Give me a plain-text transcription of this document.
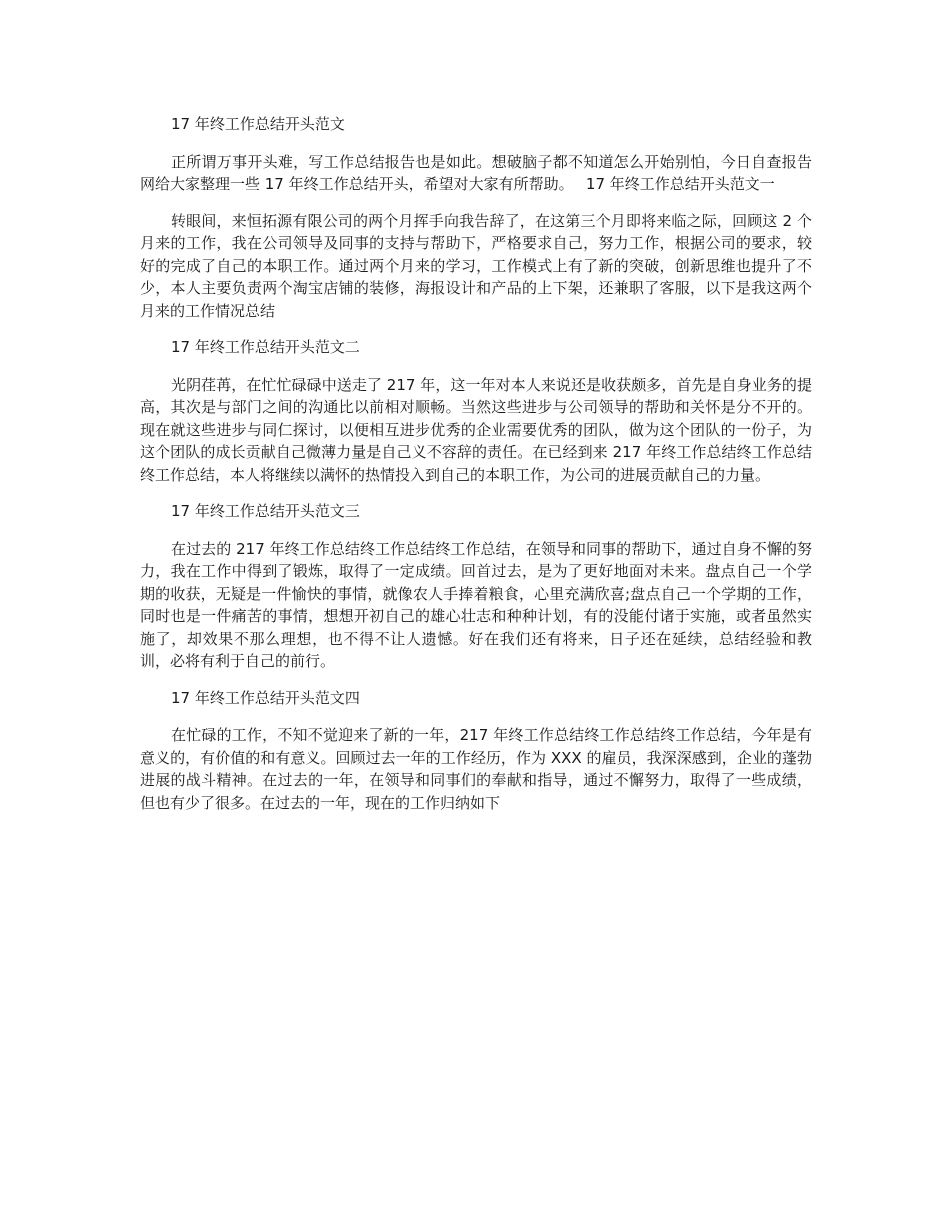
17 年终工作总结开头范文

正所谓万事开头难，写工作总结报告也是如此。想破脑子都不知道怎么开始别怕，今日自查报告网给大家整理一些 17 年终工作总结开头，希望对大家有所帮助。　 17 年终工作总结开头范文一

转眼间，来恒拓源有限公司的两个月挥手向我告辞了，在这第三个月即将来临之际，回顾这 2 个月来的工作，我在公司领导及同事的支持与帮助下，严格要求自己，努力工作，根据公司的要求，较好的完成了自己的本职工作。通过两个月来的学习，工作模式上有了新的突破，创新思维也提升了不少，本人主要负责两个淘宝店铺的装修，海报设计和产品的上下架，还兼职了客服，以下是我这两个月来的工作情况总结

17 年终工作总结开头范文二

光阴荏苒，在忙忙碌碌中送走了 217 年，这一年对本人来说还是收获颇多，首先是自身业务的提高，其次是与部门之间的沟通比以前相对顺畅。当然这些进步与公司领导的帮助和关怀是分不开的。现在就这些进步与同仁探讨，以便相互进步优秀的企业需要优秀的团队，做为这个团队的一份子，为这个团队的成长贡献自己微薄力量是自己义不容辞的责任。在已经到来 217 年终工作总结终工作总结终工作总结，本人将继续以满怀的热情投入到自己的本职工作，为公司的进展贡献自己的力量。

17 年终工作总结开头范文三

在过去的 217 年终工作总结终工作总结终工作总结，在领导和同事的帮助下，通过自身不懈的努力，我在工作中得到了锻炼，取得了一定成绩。回首过去，是为了更好地面对未来。盘点自己一个学期的收获，无疑是一件愉快的事情，就像农人手捧着粮食，心里充满欣喜;盘点自己一个学期的工作，同时也是一件痛苦的事情，想想开初自己的雄心壮志和种种计划，有的没能付诸于实施，或者虽然实施了，却效果不那么理想，也不得不让人遗憾。好在我们还有将来，日子还在延续，总结经验和教训，必将有利于自己的前行。

17 年终工作总结开头范文四

在忙碌的工作，不知不觉迎来了新的一年，217 年终工作总结终工作总结终工作总结，今年是有意义的，有价值的和有意义。回顾过去一年的工作经历，作为 XXX 的雇员，我深深感到，企业的蓬勃进展的战斗精神。在过去的一年，在领导和同事们的奉献和指导，通过不懈努力，取得了一些成绩，但也有少了很多。在过去的一年，现在的工作归纳如下
